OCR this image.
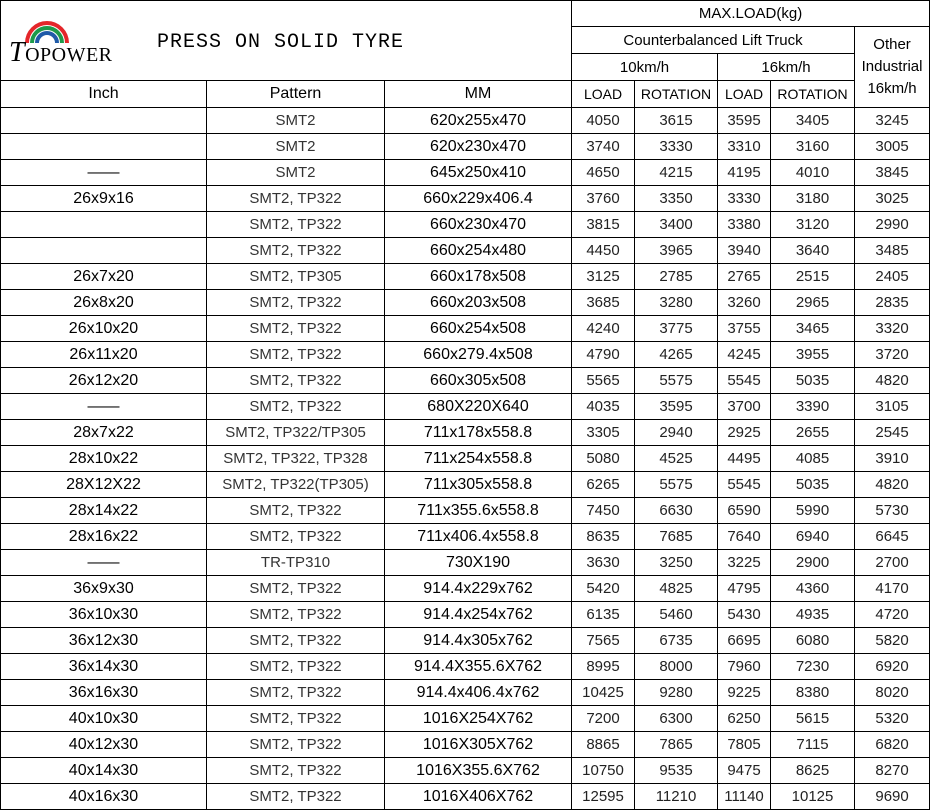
TOPOWER
PRESS ON SOLID TYRE			MAX.LOAD(kg)				
			Counterbalanced Lift Truck				Other Industrial 16km/h
			10km/h		16km/h		
Inch	Pattern	MM	LOAD	ROTATION	LOAD	ROTATION	
	SMT2	620x255x470	4050	3615	3595	3405	3245
	SMT2	620x230x470	3740	3330	3310	3160	3005
——	SMT2	645x250x410	4650	4215	4195	4010	3845
26x9x16	SMT2, TP322	660x229x406.4	3760	3350	3330	3180	3025
	SMT2, TP322	660x230x470	3815	3400	3380	3120	2990
	SMT2, TP322	660x254x480	4450	3965	3940	3640	3485
26x7x20	SMT2, TP305	660x178x508	3125	2785	2765	2515	2405
26x8x20	SMT2, TP322	660x203x508	3685	3280	3260	2965	2835
26x10x20	SMT2, TP322	660x254x508	4240	3775	3755	3465	3320
26x11x20	SMT2, TP322	660x279.4x508	4790	4265	4245	3955	3720
26x12x20	SMT2, TP322	660x305x508	5565	5575	5545	5035	4820
——	SMT2, TP322	680X220X640	4035	3595	3700	3390	3105
28x7x22	SMT2, TP322/TP305	711x178x558.8	3305	2940	2925	2655	2545
28x10x22	SMT2, TP322, TP328	711x254x558.8	5080	4525	4495	4085	3910
28X12X22	SMT2, TP322(TP305)	711x305x558.8	6265	5575	5545	5035	4820
28x14x22	SMT2, TP322	711x355.6x558.8	7450	6630	6590	5990	5730
28x16x22	SMT2, TP322	711x406.4x558.8	8635	7685	7640	6940	6645
——	TR-TP310	730X190	3630	3250	3225	2900	2700
36x9x30	SMT2, TP322	914.4x229x762	5420	4825	4795	4360	4170
36x10x30	SMT2, TP322	914.4x254x762	6135	5460	5430	4935	4720
36x12x30	SMT2, TP322	914.4x305x762	7565	6735	6695	6080	5820
36x14x30	SMT2, TP322	914.4X355.6X762	8995	8000	7960	7230	6920
36x16x30	SMT2, TP322	914.4x406.4x762	10425	9280	9225	8380	8020
40x10x30	SMT2, TP322	1016X254X762	7200	6300	6250	5615	5320
40x12x30	SMT2, TP322	1016X305X762	8865	7865	7805	7115	6820
40x14x30	SMT2, TP322	1016X355.6X762	10750	9535	9475	8625	8270
40x16x30	SMT2, TP322	1016X406X762	12595	11210	11140	10125	9690
